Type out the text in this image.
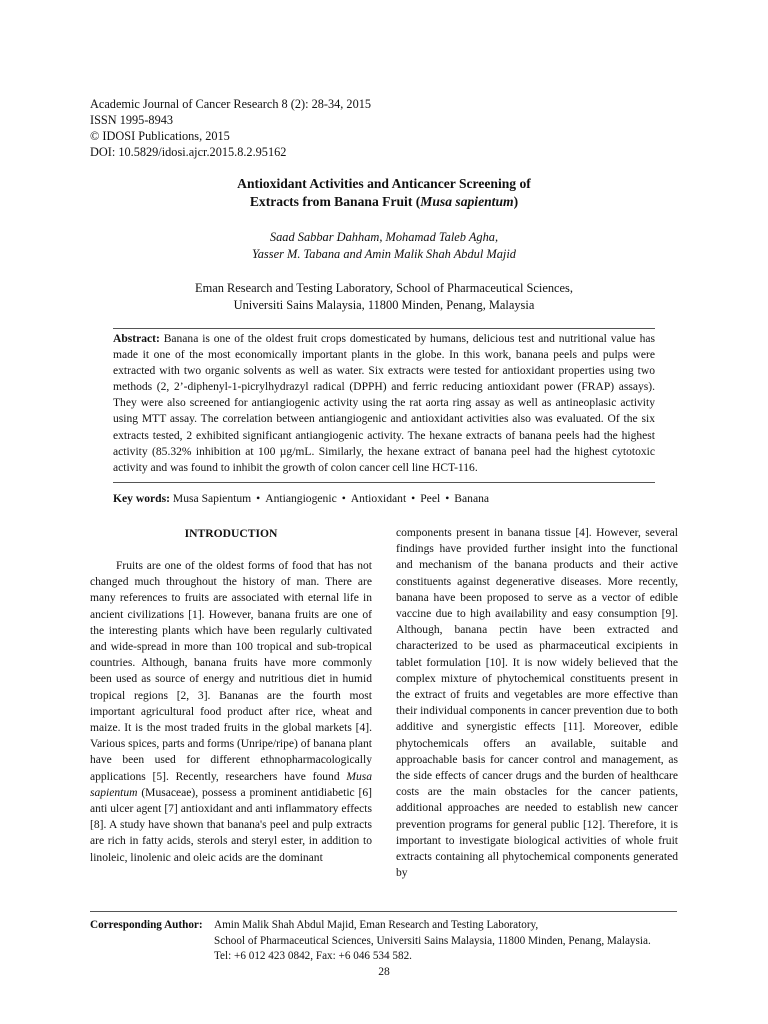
Academic Journal of Cancer Research 8 (2): 28-34, 2015
ISSN 1995-8943
© IDOSI Publications, 2015
DOI: 10.5829/idosi.ajcr.2015.8.2.95162
Antioxidant Activities and Anticancer Screening of
Extracts from Banana Fruit (Musa sapientum)
Saad Sabbar Dahham, Mohamad Taleb Agha,
Yasser M. Tabana and Amin Malik Shah Abdul Majid
Eman Research and Testing Laboratory, School of Pharmaceutical Sciences,
Universiti Sains Malaysia, 11800 Minden, Penang, Malaysia
Abstract: Banana is one of the oldest fruit crops domesticated by humans, delicious test and nutritional value has made it one of the most economically important plants in the globe. In this work, banana peels and pulps were extracted with two organic solvents as well as water. Six extracts were tested for antioxidant properties using two methods (2, 2’-diphenyl-1-picrylhydrazyl radical (DPPH) and ferric reducing antioxidant power (FRAP) assays). They were also screened for antiangiogenic activity using the rat aorta ring assay as well as antineoplasic activity using MTT assay. The correlation between antiangiogenic and antioxidant activities also was evaluated. Of the six extracts tested, 2 exhibited significant antiangiogenic activity. The hexane extracts of banana peels had the highest activity (85.32% inhibition at 100 µg/mL. Similarly, the hexane extract of banana peel had the highest cytotoxic activity and was found to inhibit the growth of colon cancer cell line HCT-116.
Key words: Musa Sapientum • Antiangiogenic • Antioxidant • Peel • Banana
INTRODUCTION

Fruits are one of the oldest forms of food that has not changed much throughout the history of man. There are many references to fruits are associated with eternal life in ancient civilizations [1]. However, banana fruits are one of the interesting plants which have been regularly cultivated and wide-spread in more than 100 tropical and sub-tropical countries. Although, banana fruits have more commonly been used as source of energy and nutritious diet in humid tropical regions [2, 3]. Bananas are the fourth most important agricultural food product after rice, wheat and maize. It is the most traded fruits in the global markets [4]. Various spices, parts and forms (Unripe/ripe) of banana plant have been used for different ethnopharmacologically applications [5]. Recently, researchers have found Musa sapientum (Musaceae), possess a prominent antidiabetic [6] anti ulcer agent [7] antioxidant and anti inflammatory effects [8]. A study have shown that banana's peel and pulp extracts are rich in fatty acids, sterols and steryl ester, in addition to linoleic, linolenic and oleic acids are the dominant

components present in banana tissue [4]. However, several findings have provided further insight into the functional and mechanism of the banana products and their active constituents against degenerative diseases. More recently, banana have been proposed to serve as a vector of edible vaccine due to high availability and easy consumption [9]. Although, banana pectin have been extracted and characterized to be used as pharmaceutical excipients in tablet formulation [10]. It is now widely believed that the complex mixture of phytochemical constituents present in the extract of fruits and vegetables are more effective than their individual components in cancer prevention due to both additive and synergistic effects [11]. Moreover, edible phytochemicals offers an available, suitable and approachable basis for cancer control and management, as the side effects of cancer drugs and the burden of healthcare costs are the main obstacles for the cancer patients, additional approaches are needed to establish new cancer prevention programs for general public [12]. Therefore, it is important to investigate biological activities of whole fruit extracts containing all phytochemical components generated by

Corresponding Author: Amin Malik Shah Abdul Majid, Eman Research and Testing Laboratory,
School of Pharmaceutical Sciences, Universiti Sains Malaysia, 11800 Minden, Penang, Malaysia.
Tel: +6 012 423 0842, Fax: +6 046 534 582.
28
